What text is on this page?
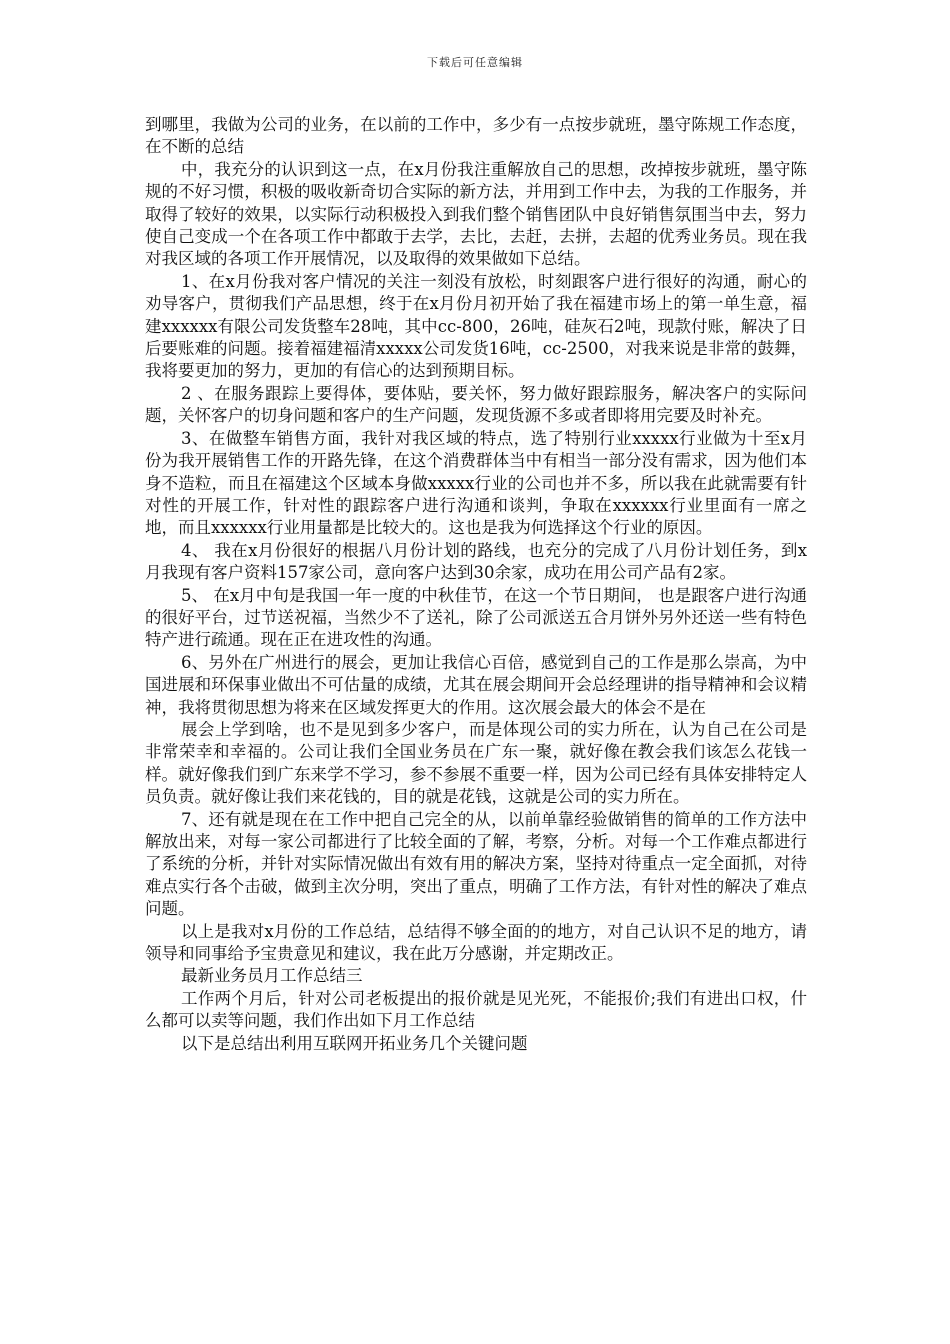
下载后可任意编辑

到哪里，我做为公司的业务，在以前的工作中，多少有一点按步就班，墨守陈规工作态度，在不断的总结

中，我充分的认识到这一点，在x月份我注重解放自己的思想，改掉按步就班，墨守陈规的不好习惯，积极的吸收新奇切合实际的新方法，并用到工作中去，为我的工作服务，并取得了较好的效果，以实际行动积极投入到我们整个销售团队中良好销售氛围当中去，努力使自己变成一个在各项工作中都敢于去学，去比，去赶，去拼，去超的优秀业务员。现在我对我区域的各项工作开展情况，以及取得的效果做如下总结。

1、在x月份我对客户情况的关注一刻没有放松，时刻跟客户进行很好的沟通，耐心的劝导客户，贯彻我们产品思想，终于在x月份月初开始了我在福建市场上的第一单生意，福建xxxxxx有限公司发货整车28吨，其中cc-800，26吨，硅灰石2吨，现款付账，解决了日后要账难的问题。接着福建福清xxxxx公司发货16吨，cc-2500，对我来说是非常的鼓舞，我将要更加的努力，更加的有信心的达到预期目标。

2 、在服务跟踪上要得体，要体贴，要关怀，努力做好跟踪服务，解决客户的实际问题，关怀客户的切身问题和客户的生产问题，发现货源不多或者即将用完要及时补充。

3、在做整车销售方面，我针对我区域的特点，选了特别行业xxxxx行业做为十至x月份为我开展销售工作的开路先锋，在这个消费群体当中有相当一部分没有需求，因为他们本身不造粒，而且在福建这个区域本身做xxxxx行业的公司也并不多，所以我在此就需要有针对性的开展工作，针对性的跟踪客户进行沟通和谈判，争取在xxxxxx行业里面有一席之地，而且xxxxxx行业用量都是比较大的。这也是我为何选择这个行业的原因。

4、 我在x月份很好的根据八月份计划的路线，也充分的完成了八月份计划任务，到x月我现有客户资料157家公司，意向客户达到30余家，成功在用公司产品有2家。

5、 在x月中旬是我国一年一度的中秋佳节，在这一个节日期间， 也是跟客户进行沟通的很好平台，过节送祝福，当然少不了送礼，除了公司派送五合月饼外另外还送一些有特色特产进行疏通。现在正在进攻性的沟通。

6、另外在广州进行的展会，更加让我信心百倍，感觉到自己的工作是那么崇高，为中国进展和环保事业做出不可估量的成绩，尤其在展会期间开会总经理讲的指导精神和会议精神，我将贯彻思想为将来在区域发挥更大的作用。这次展会最大的体会不是在

展会上学到啥，也不是见到多少客户，而是体现公司的实力所在，认为自己在公司是非常荣幸和幸福的。公司让我们全国业务员在广东一聚，就好像在教会我们该怎么花钱一样。就好像我们到广东来学不学习，参不参展不重要一样，因为公司已经有具体安排特定人员负责。就好像让我们来花钱的，目的就是花钱，这就是公司的实力所在。

7、还有就是现在在工作中把自己完全的从，以前单靠经验做销售的简单的工作方法中解放出来，对每一家公司都进行了比较全面的了解，考察，分析。对每一个工作难点都进行了系统的分析，并针对实际情况做出有效有用的解决方案，坚持对待重点一定全面抓，对待难点实行各个击破，做到主次分明，突出了重点，明确了工作方法，有针对性的解决了难点问题。

以上是我对x月份的工作总结，总结得不够全面的的地方，对自己认识不足的地方，请领导和同事给予宝贵意见和建议，我在此万分感谢，并定期改正。

最新业务员月工作总结三

工作两个月后，针对公司老板提出的报价就是见光死，不能报价;我们有进出口权，什么都可以卖等问题，我们作出如下月工作总结

以下是总结出利用互联网开拓业务几个关键问题
